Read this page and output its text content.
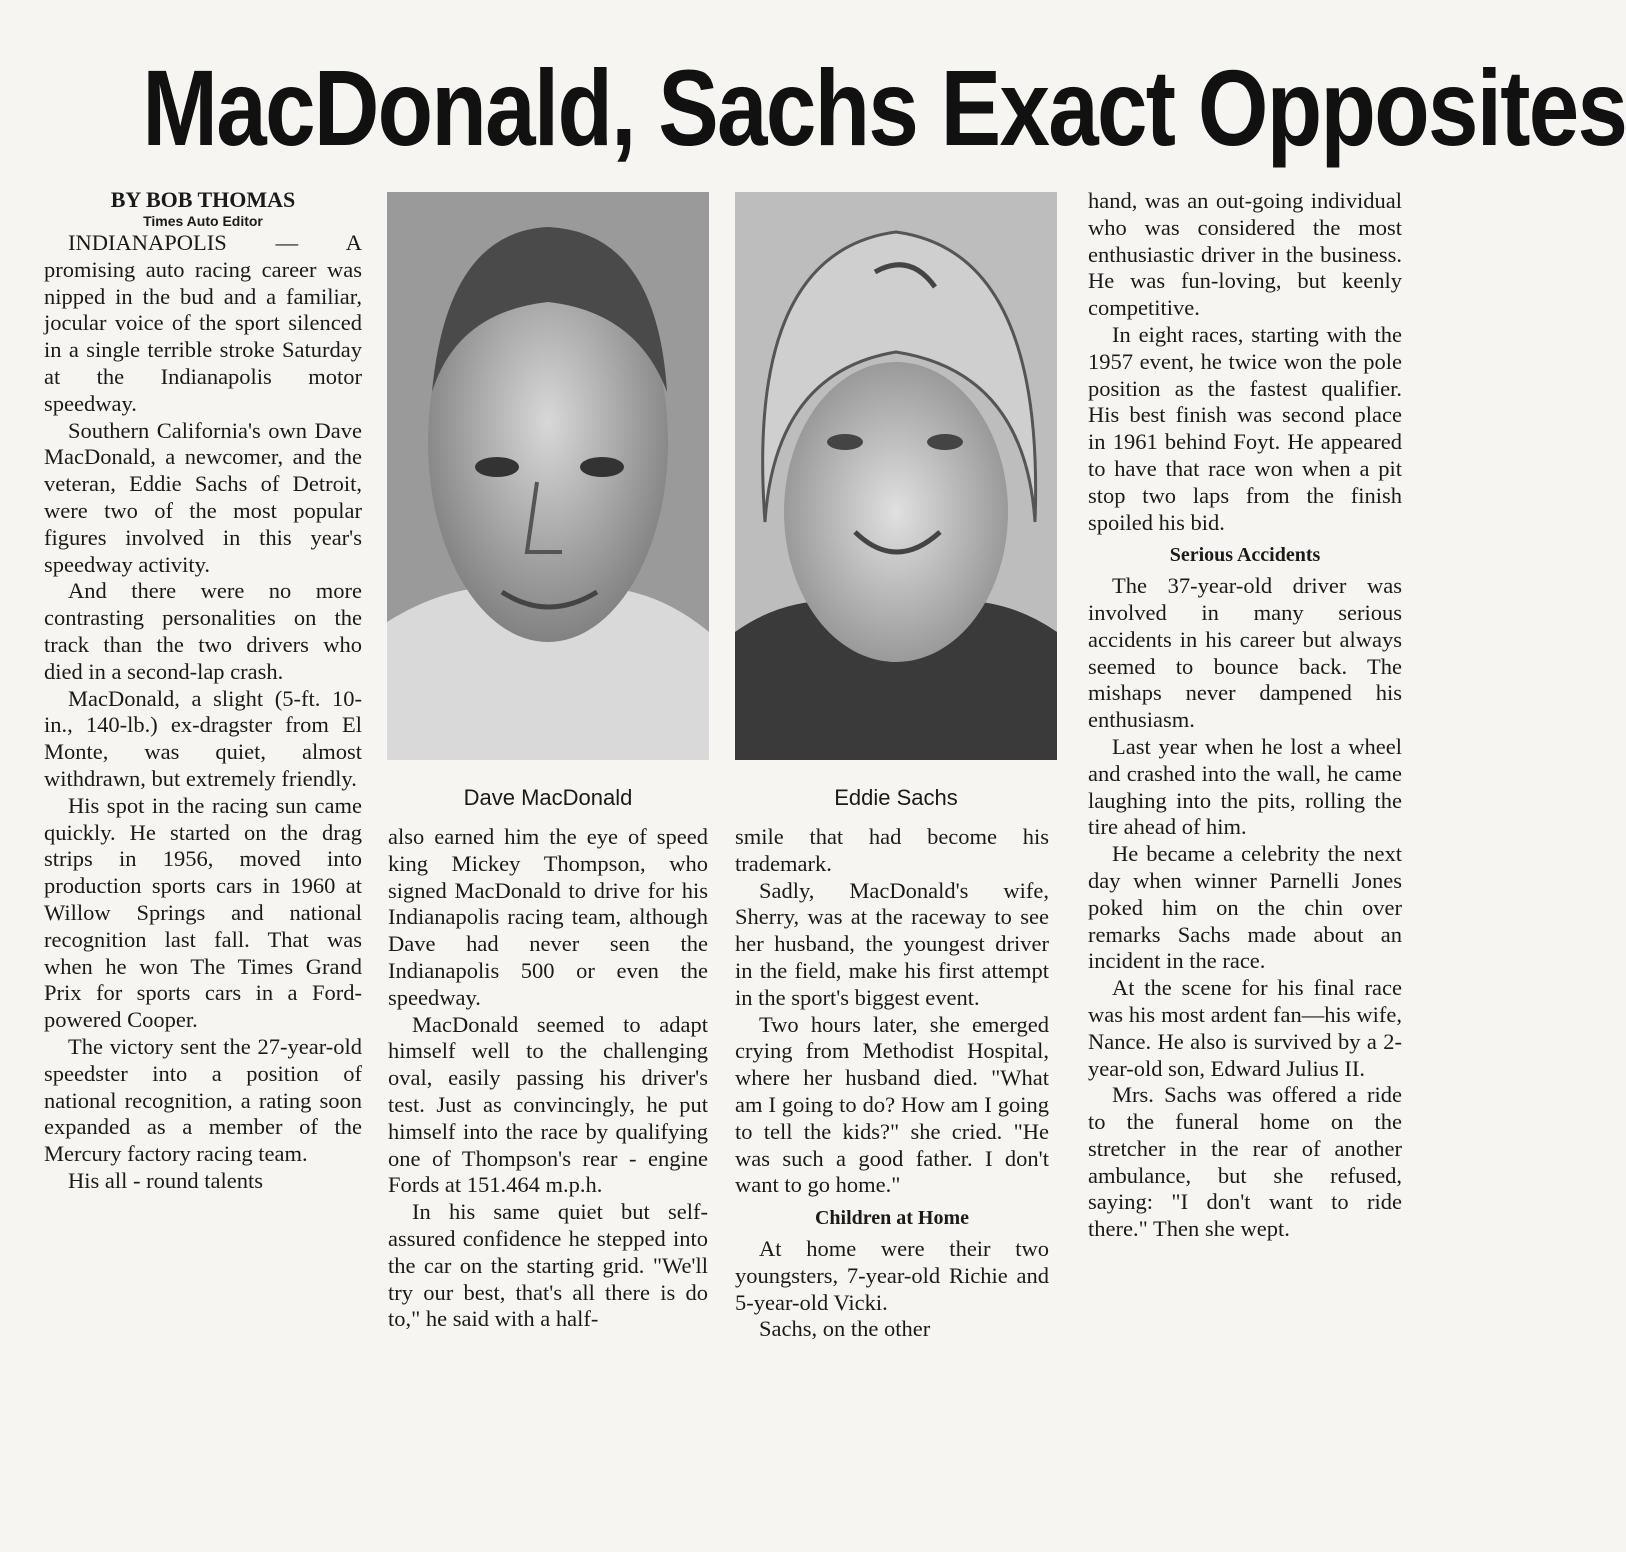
MacDonald, Sachs Exact Opposites

BY BOB THOMAS

Times Auto Editor

INDIANAPOLIS — A promising auto racing career was nipped in the bud and a familiar, jocular voice of the sport silenced in a single terrible stroke Saturday at the Indianapolis motor speedway.

Southern California's own Dave MacDonald, a newcomer, and the veteran, Eddie Sachs of Detroit, were two of the most popular figures involved in this year's speedway activity.

And there were no more contrasting personalities on the track than the two drivers who died in a second-lap crash.

MacDonald, a slight (5-ft. 10-in., 140-lb.) ex-dragster from El Monte, was quiet, almost withdrawn, but extremely friendly.

His spot in the racing sun came quickly. He started on the drag strips in 1956, moved into production sports cars in 1960 at Willow Springs and national recognition last fall. That was when he won The Times Grand Prix for sports cars in a Ford-powered Cooper.

The victory sent the 27-year-old speedster into a position of national recognition, a rating soon expanded as a member of the Mercury factory racing team.

His all - round talents

Dave MacDonald	Eddie Sachs

also earned him the eye of speed king Mickey Thompson, who signed MacDonald to drive for his Indianapolis racing team, although Dave had never seen the Indianapolis 500 or even the speedway.

MacDonald seemed to adapt himself well to the challenging oval, easily passing his driver's test. Just as convincingly, he put himself into the race by qualifying one of Thompson's rear - engine Fords at 151.464 m.p.h.

In his same quiet but self-assured confidence he stepped into the car on the starting grid. "We'll try our best, that's all there is do to," he said with a half-

smile that had become his trademark.

Sadly, MacDonald's wife, Sherry, was at the raceway to see her husband, the youngest driver in the field, make his first attempt in the sport's biggest event.

Two hours later, she emerged crying from Methodist Hospital, where her husband died. "What am I going to do? How am I going to tell the kids?" she cried. "He was such a good father. I don't want to go home."

Children at Home

At home were their two youngsters, 7-year-old Richie and 5-year-old Vicki.

Sachs, on the other

hand, was an out-going individual who was considered the most enthusiastic driver in the business. He was fun-loving, but keenly competitive.

In eight races, starting with the 1957 event, he twice won the pole position as the fastest qualifier. His best finish was second place in 1961 behind Foyt. He appeared to have that race won when a pit stop two laps from the finish spoiled his bid.

Serious Accidents

The 37-year-old driver was involved in many serious accidents in his career but always seemed to bounce back. The mishaps never dampened his enthusiasm.

Last year when he lost a wheel and crashed into the wall, he came laughing into the pits, rolling the tire ahead of him.

He became a celebrity the next day when winner Parnelli Jones poked him on the chin over remarks Sachs made about an incident in the race.

At the scene for his final race was his most ardent fan—his wife, Nance. He also is survived by a 2-year-old son, Edward Julius II.

Mrs. Sachs was offered a ride to the funeral home on the stretcher in the rear of another ambulance, but she refused, saying: "I don't want to ride there." Then she wept.
